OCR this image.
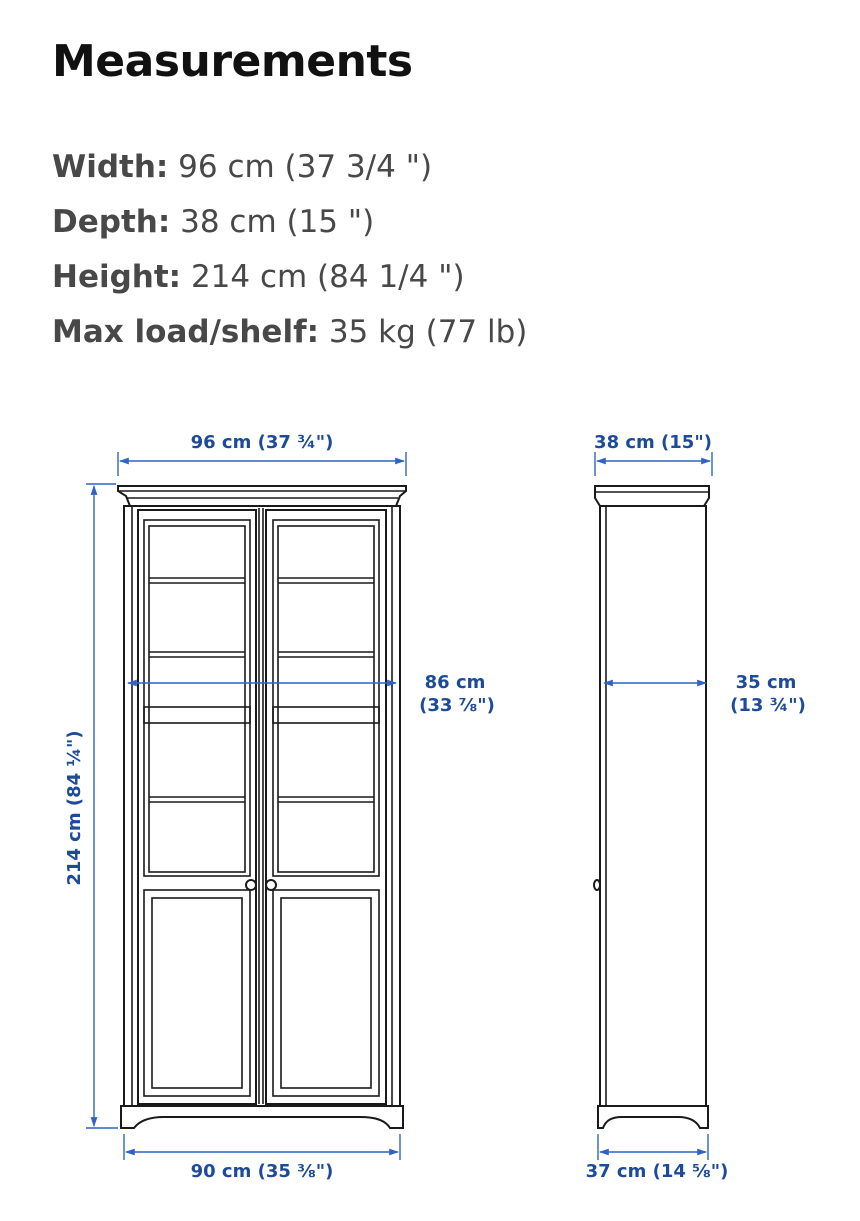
Measurements
Width: 96 cm (37 3/4 ")
Depth: 38 cm (15 ")
Height: 214 cm (84 1/4 ")
Max load/shelf: 35 kg (77 lb)
96 cm (37 ¾")
214 cm (84 ¼")
86 cm
(33 ⅞")
90 cm (35 ⅜")
38 cm (15")
35 cm
(13 ¾")
37 cm (14 ⅝")
